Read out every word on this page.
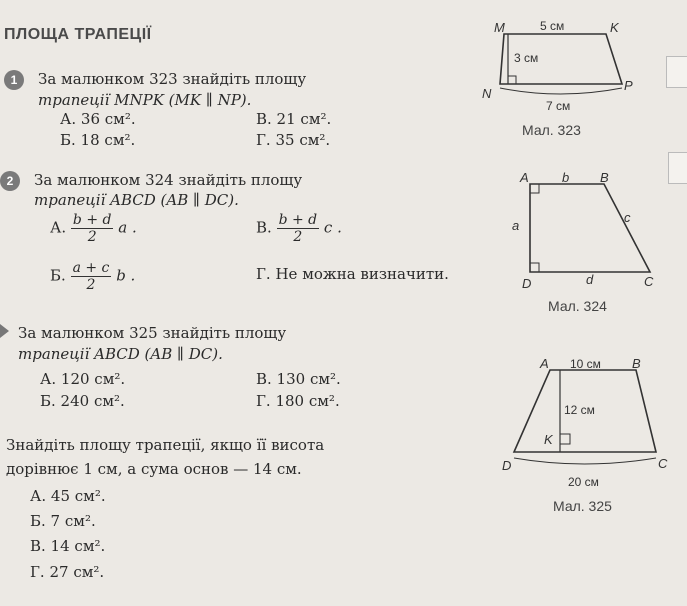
ПЛОЩА ТРАПЕЦІЇ
1	За малюнком 323 знайдіть площу
трапеції MNPK (MK ∥ NP).
А. 36 см².
Б. 18 см².
В. 21 см².
Г. 35 см².
M	K
N
P
5 см
3 см
7 см
Мал. 323
2	За малюнком 324 знайдіть площу
трапеції ABCD (AB ∥ DC).
А. $\frac{b + d}{2}$ a .	В. $\frac{b + d}{2}$ c .
Б. $\frac{a + c}{2}$ b .	Г. Не можна визначити.
A	B
C
D
a
b
c
d
Мал. 324
За малюнком 325 знайдіть площу
трапеції ABCD (AB ∥ DC).
А. 120 см².
Б. 240 см².
В. 130 см².
Г. 180 см².
A	B
C
D
K
10 см
12 см
20 см
Мал. 325
Знайдіть площу трапеції, якщо її висота
дорівнює 1 см, а сума основ — 14 см.
А. 45 см².
Б. 7 см².
В. 14 см².
Г. 27 см².
